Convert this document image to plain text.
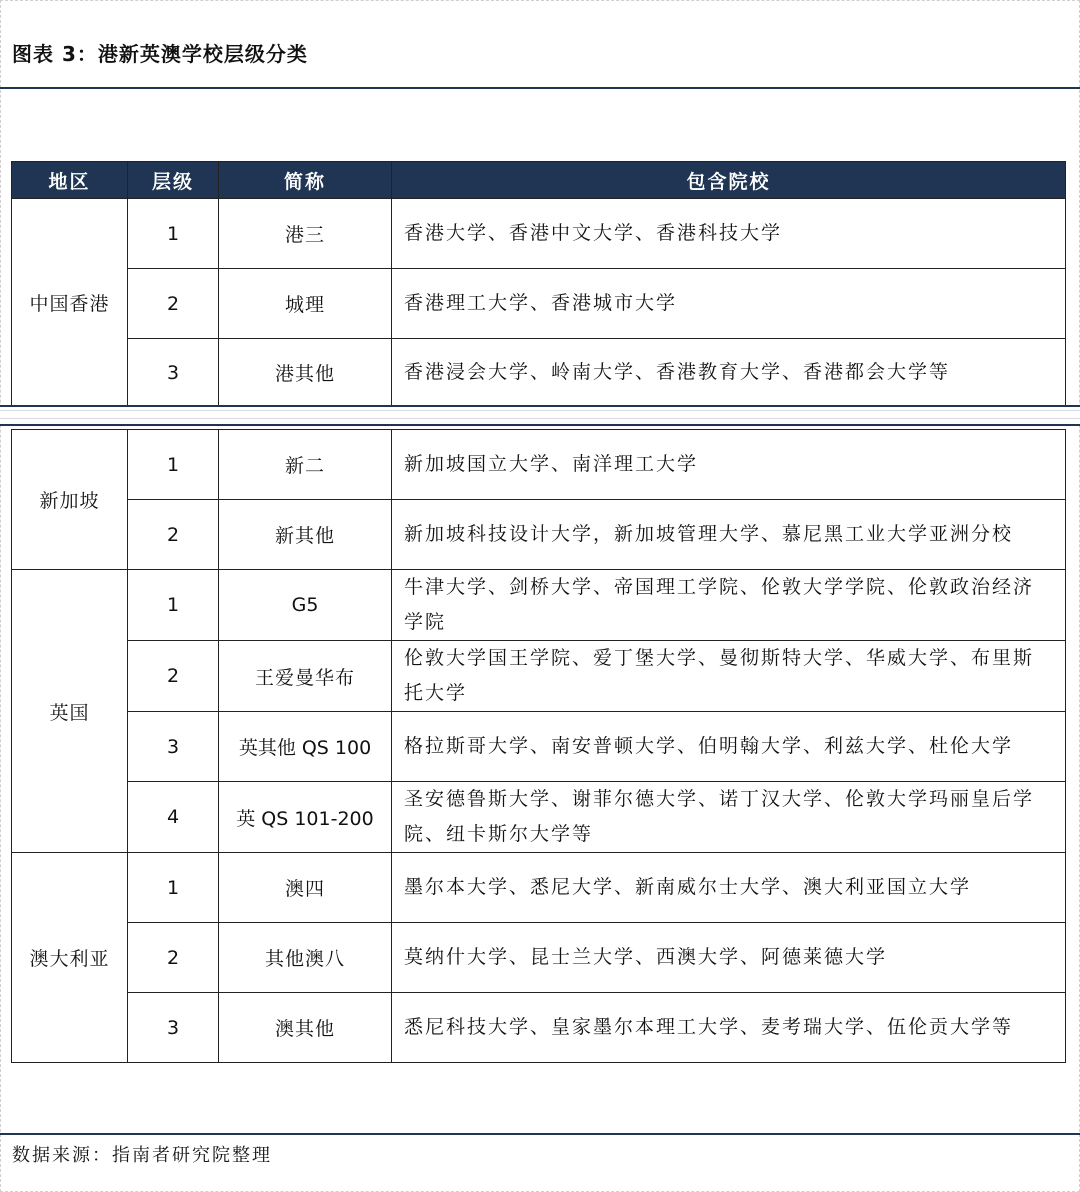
图表 3：港新英澳学校层级分类
地区	层级	简称	包含院校
中国香港	1	港三	香港大学、香港中文大学、香港科技大学
	2	城理	香港理工大学、香港城市大学
	3	港其他	香港浸会大学、岭南大学、香港教育大学、香港都会大学等
新加坡	1	新二	新加坡国立大学、南洋理工大学
	2	新其他	新加坡科技设计大学，新加坡管理大学、慕尼黑工业大学亚洲分校
英国	1	G5	牛津大学、剑桥大学、帝国理工学院、伦敦大学学院、伦敦政治经济学院
	2	王爱曼华布	伦敦大学国王学院、爱丁堡大学、曼彻斯特大学、华威大学、布里斯托大学
	3	英其他 QS 100	格拉斯哥大学、南安普顿大学、伯明翰大学、利兹大学、杜伦大学
	4	英 QS 101-200	圣安德鲁斯大学、谢菲尔德大学、诺丁汉大学、伦敦大学玛丽皇后学院、纽卡斯尔大学等
澳大利亚	1	澳四	墨尔本大学、悉尼大学、新南威尔士大学、澳大利亚国立大学
	2	其他澳八	莫纳什大学、昆士兰大学、西澳大学、阿德莱德大学
	3	澳其他	悉尼科技大学、皇家墨尔本理工大学、麦考瑞大学、伍伦贡大学等
数据来源：指南者研究院整理
